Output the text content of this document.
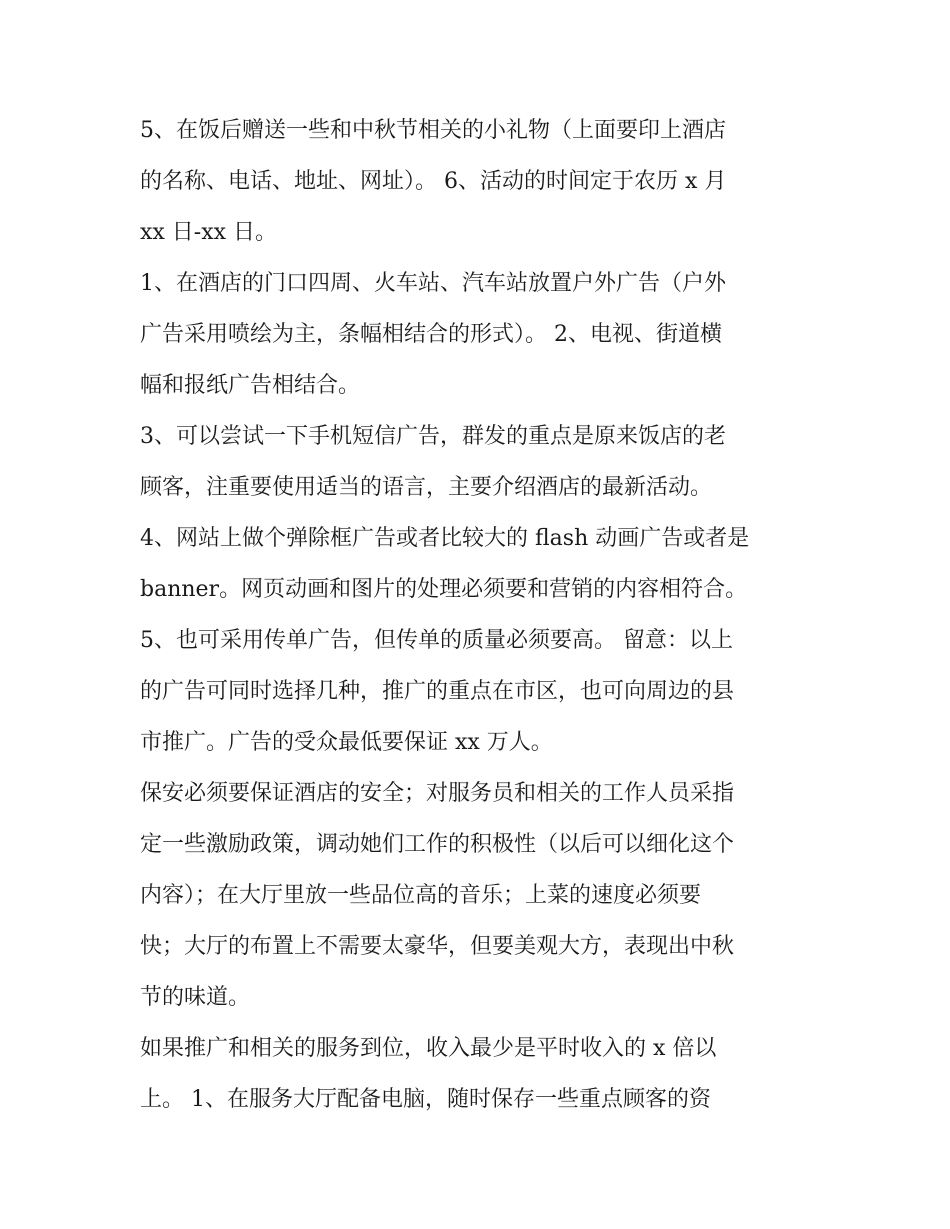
5、在饭后赠送一些和中秋节相关的小礼物（上面要印上酒店
的名称、电话、地址、网址）。 6、活动的时间定于农历 x 月
xx 日-xx 日。

1、在酒店的门口四周、火车站、汽车站放置户外广告（户外
广告采用喷绘为主，条幅相结合的形式）。 2、电视、街道横
幅和报纸广告相结合。

3、可以尝试一下手机短信广告，群发的重点是原来饭店的老
顾客，注重要使用适当的语言，主要介绍酒店的最新活动。

4、网站上做个弹除框广告或者比较大的 flash 动画广告或者是
banner。网页动画和图片的处理必须要和营销的内容相符合。

5、也可采用传单广告，但传单的质量必须要高。 留意：以上
的广告可同时选择几种，推广的重点在市区，也可向周边的县
市推广。广告的受众最低要保证 xx 万人。

保安必须要保证酒店的安全；对服务员和相关的工作人员采指
定一些激励政策，调动她们工作的积极性（以后可以细化这个
内容）；在大厅里放一些品位高的音乐；上菜的速度必须要
快；大厅的布置上不需要太豪华，但要美观大方，表现出中秋
节的味道。

如果推广和相关的服务到位，收入最少是平时收入的 x 倍以
上。 1、在服务大厅配备电脑，随时保存一些重点顾客的资
